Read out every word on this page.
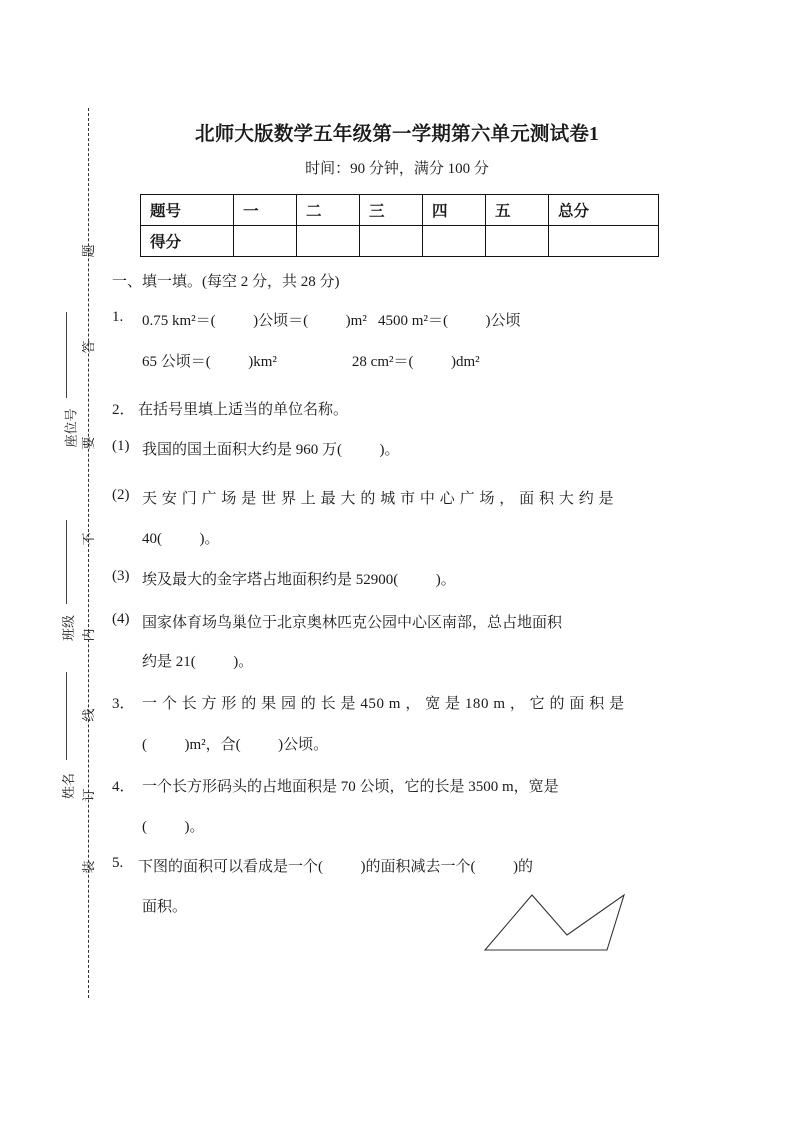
题
答
要
不
内
线
订
装
座位号
班级
姓名
北师大版数学五年级第一学期第六单元测试卷1
时间：90 分钟，满分 100 分
题号	一	二	三	四	五	总分
得分						
一、填一填。(每空 2 分，共 28 分)
1. 0.75 km²＝(          )公顷＝(          )m²   4500 m²＝(          )公顷
65 公顷＝(          )km²                    28 cm²＝(          )dm²
2． 在括号里填上适当的单位名称。
(1) 我国的国土面积大约是 960 万(          )。
(2) 天 安 门 广 场 是 世 界 上 最 大 的 城 市 中 心 广 场 ， 面 积 大 约 是
40(          )。
(3) 埃及最大的金字塔占地面积约是 52900(          )。
(4) 国家体育场鸟巢位于北京奥林匹克公园中心区南部，总占地面积
约是 21(          )。
3． 一 个 长 方 形 的 果 园 的 长 是 450 m ， 宽 是 180 m ， 它 的 面 积 是
(          )m²，合(          )公顷。
4． 一个长方形码头的占地面积是 70 公顷，它的长是 3500 m，宽是
(          )。
5. 下图的面积可以看成是一个(          )的面积减去一个(          )的
面积。
